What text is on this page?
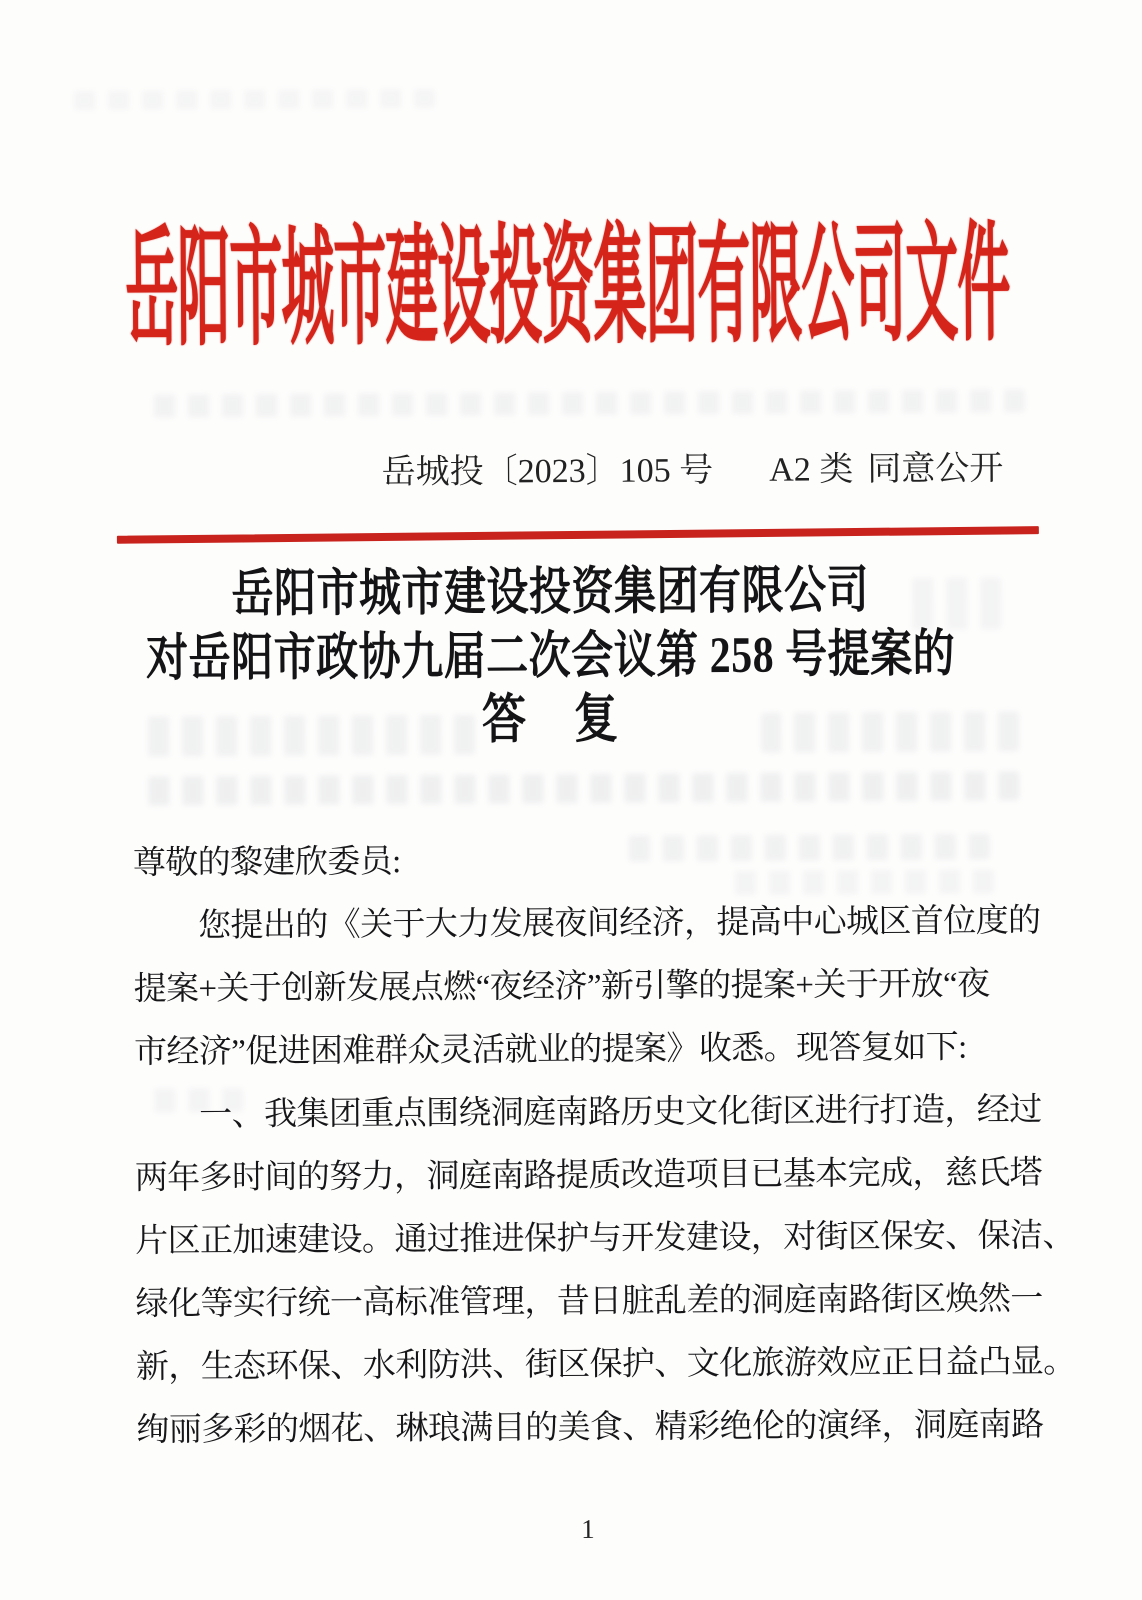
岳阳市城市建设投资集团有限公司文件
岳城投〔2023〕105 号 A2 类 同意公开
岳阳市城市建设投资集团有限公司
对岳阳市政协九届二次会议第 258 号提案的
答　复
尊敬的黎建欣委员:
　　您提出的《关于大力发展夜间经济，提高中心城区首位度的
提案+关于创新发展点燃“夜经济”新引擎的提案+关于开放“夜
市经济”促进困难群众灵活就业的提案》收悉。现答复如下:
　　一、我集团重点围绕洞庭南路历史文化街区进行打造，经过
两年多时间的努力，洞庭南路提质改造项目已基本完成，慈氏塔
片区正加速建设。通过推进保护与开发建设，对街区保安、保洁、
绿化等实行统一高标准管理，昔日脏乱差的洞庭南路街区焕然一
新，生态环保、水利防洪、街区保护、文化旅游效应正日益凸显。
绚丽多彩的烟花、琳琅满目的美食、精彩绝伦的演绎，洞庭南路
1
